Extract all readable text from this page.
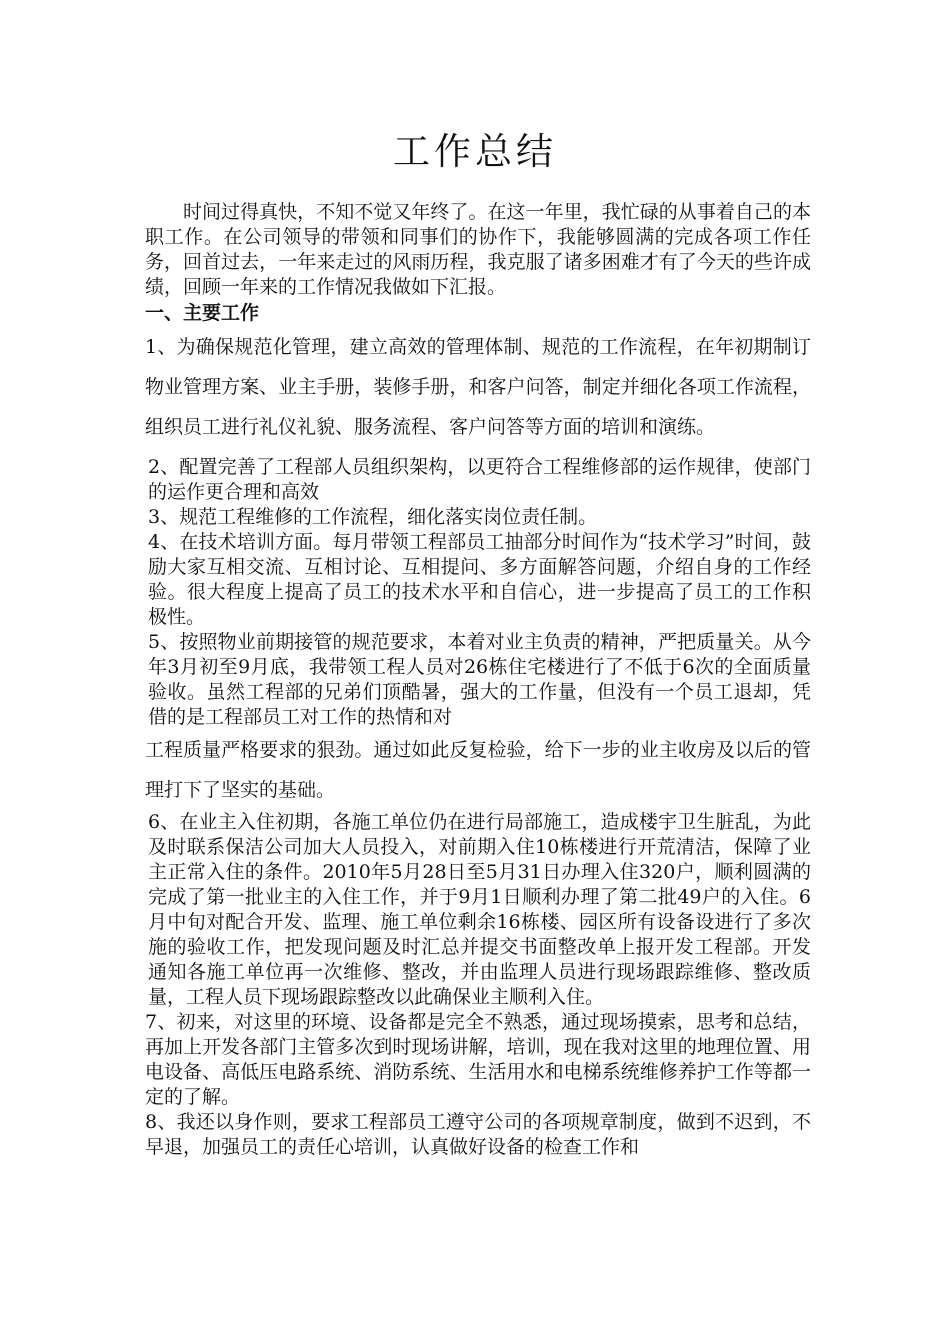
工作总结

时间过得真快，不知不觉又年终了。在这一年里，我忙碌的从事着自己的本职工作。在公司领导的带领和同事们的协作下，我能够圆满的完成各项工作任务，回首过去，一年来走过的风雨历程，我克服了诸多困难才有了今天的些许成绩，回顾一年来的工作情况我做如下汇报。

一、主要工作

1、为确保规范化管理，建立高效的管理体制、规范的工作流程，在年初期制订物业管理方案、业主手册，装修手册，和客户问答，制定并细化各项工作流程，组织员工进行礼仪礼貌、服务流程、客户问答等方面的培训和演练。

2、配置完善了工程部人员组织架构，以更符合工程维修部的运作规律，使部门的运作更合理和高效

3、规范工程维修的工作流程，细化落实岗位责任制。

4、在技术培训方面。每月带领工程部员工抽部分时间作为“技术学习”时间，鼓励大家互相交流、互相讨论、互相提问、多方面解答问题，介绍自身的工作经验。很大程度上提高了员工的技术水平和自信心，进一步提高了员工的工作积极性。

5、按照物业前期接管的规范要求，本着对业主负责的精神，严把质量关。从今年3月初至9月底，我带领工程人员对26栋住宅楼进行了不低于6次的全面质量验收。虽然工程部的兄弟们顶酷暑，强大的工作量，但没有一个员工退却，凭借的是工程部员工对工作的热情和对

工程质量严格要求的狠劲。通过如此反复检验，给下一步的业主收房及以后的管理打下了坚实的基础。

6、在业主入住初期，各施工单位仍在进行局部施工，造成楼宇卫生脏乱，为此及时联系保洁公司加大人员投入，对前期入住10栋楼进行开荒清洁，保障了业主正常入住的条件。2010年5月28日至5月31日办理入住320户，顺利圆满的完成了第一批业主的入住工作，并于9月1日顺利办理了第二批49户的入住。6月中旬对配合开发、监理、施工单位剩余16栋楼、园区所有设备设进行了多次施的验收工作，把发现问题及时汇总并提交书面整改单上报开发工程部。开发通知各施工单位再一次维修、整改，并由监理人员进行现场跟踪维修、整改质量，工程人员下现场跟踪整改以此确保业主顺利入住。

7、初来，对这里的环境、设备都是完全不熟悉，通过现场摸索，思考和总结，再加上开发各部门主管多次到时现场讲解，培训，现在我对这里的地理位置、用电设备、高低压电路系统、消防系统、生活用水和电梯系统维修养护工作等都一定的了解。

8、我还以身作则，要求工程部员工遵守公司的各项规章制度，做到不迟到，不早退，加强员工的责任心培训，认真做好设备的检查工作和
